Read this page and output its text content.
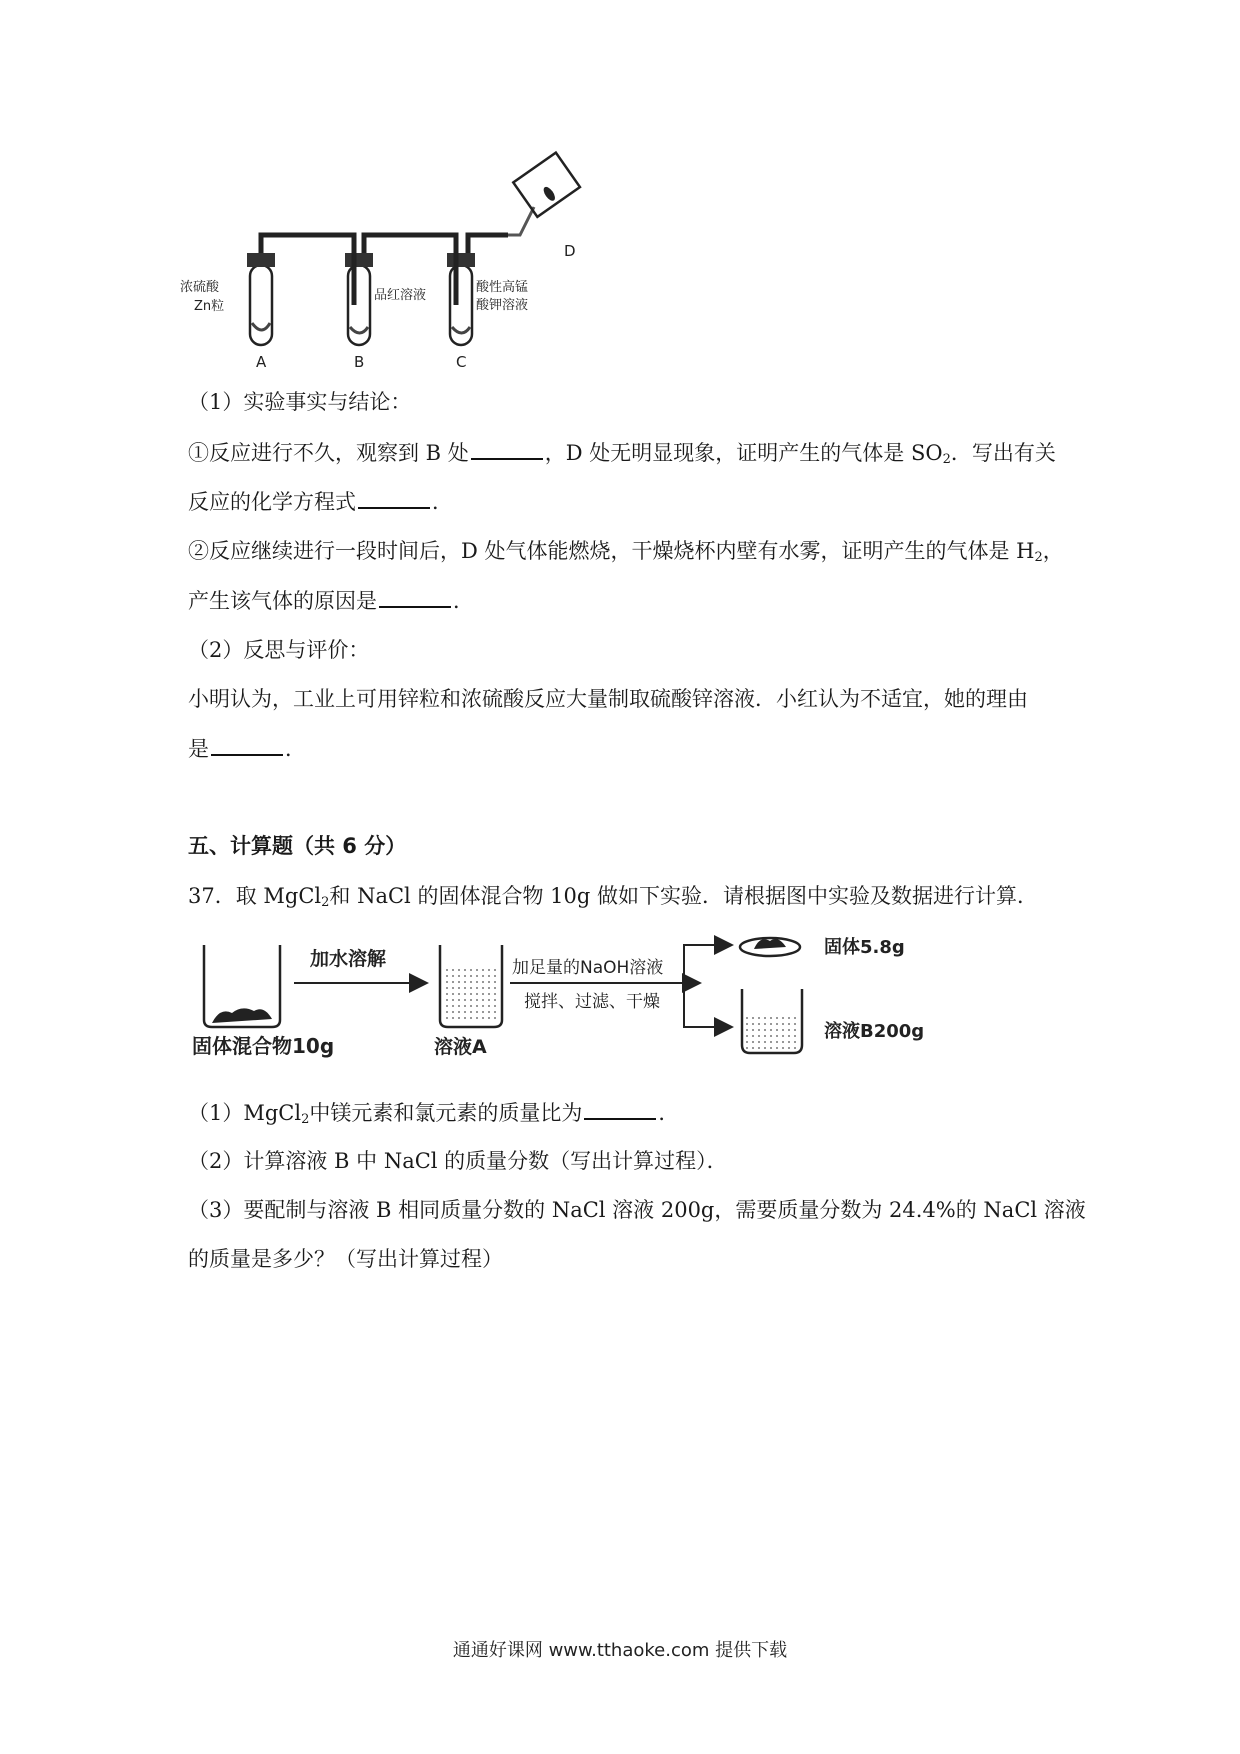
浓硫酸
Zn粒
品红溶液
酸性高锰
酸钾溶液
A	B	C
D
（1）实验事实与结论：
①反应进行不久，观察到 B 处	，D 处无明显现象，证明产生的气体是 $SO_2$．写出有关
反应的化学方程式	．
②反应继续进行一段时间后，D 处气体能燃烧，干燥烧杯内壁有水雾，证明产生的气体是 $H_2$，
产生该气体的原因是	．
（2）反思与评价：
小明认为，工业上可用锌粒和浓硫酸反应大量制取硫酸锌溶液．小红认为不适宜，她的理由
是	．
五、计算题（共 6 分）
37．取 MgCl$_2$和 NaCl 的固体混合物 10g 做如下实验．请根据图中实验及数据进行计算．
固体混合物10g
加水溶解
溶液A
加足量的NaOH溶液
搅拌、过滤、干燥
固体5.8g
溶液B200g
（1）MgCl$_2$中镁元素和氯元素的质量比为	．
（2）计算溶液 B 中 NaCl 的质量分数（写出计算过程）．
（3）要配制与溶液 B 相同质量分数的 NaCl 溶液 200g，需要质量分数为 24.4%的 NaCl 溶液
的质量是多少？（写出计算过程）
通通好课网 www.tthaoke.com 提供下载
